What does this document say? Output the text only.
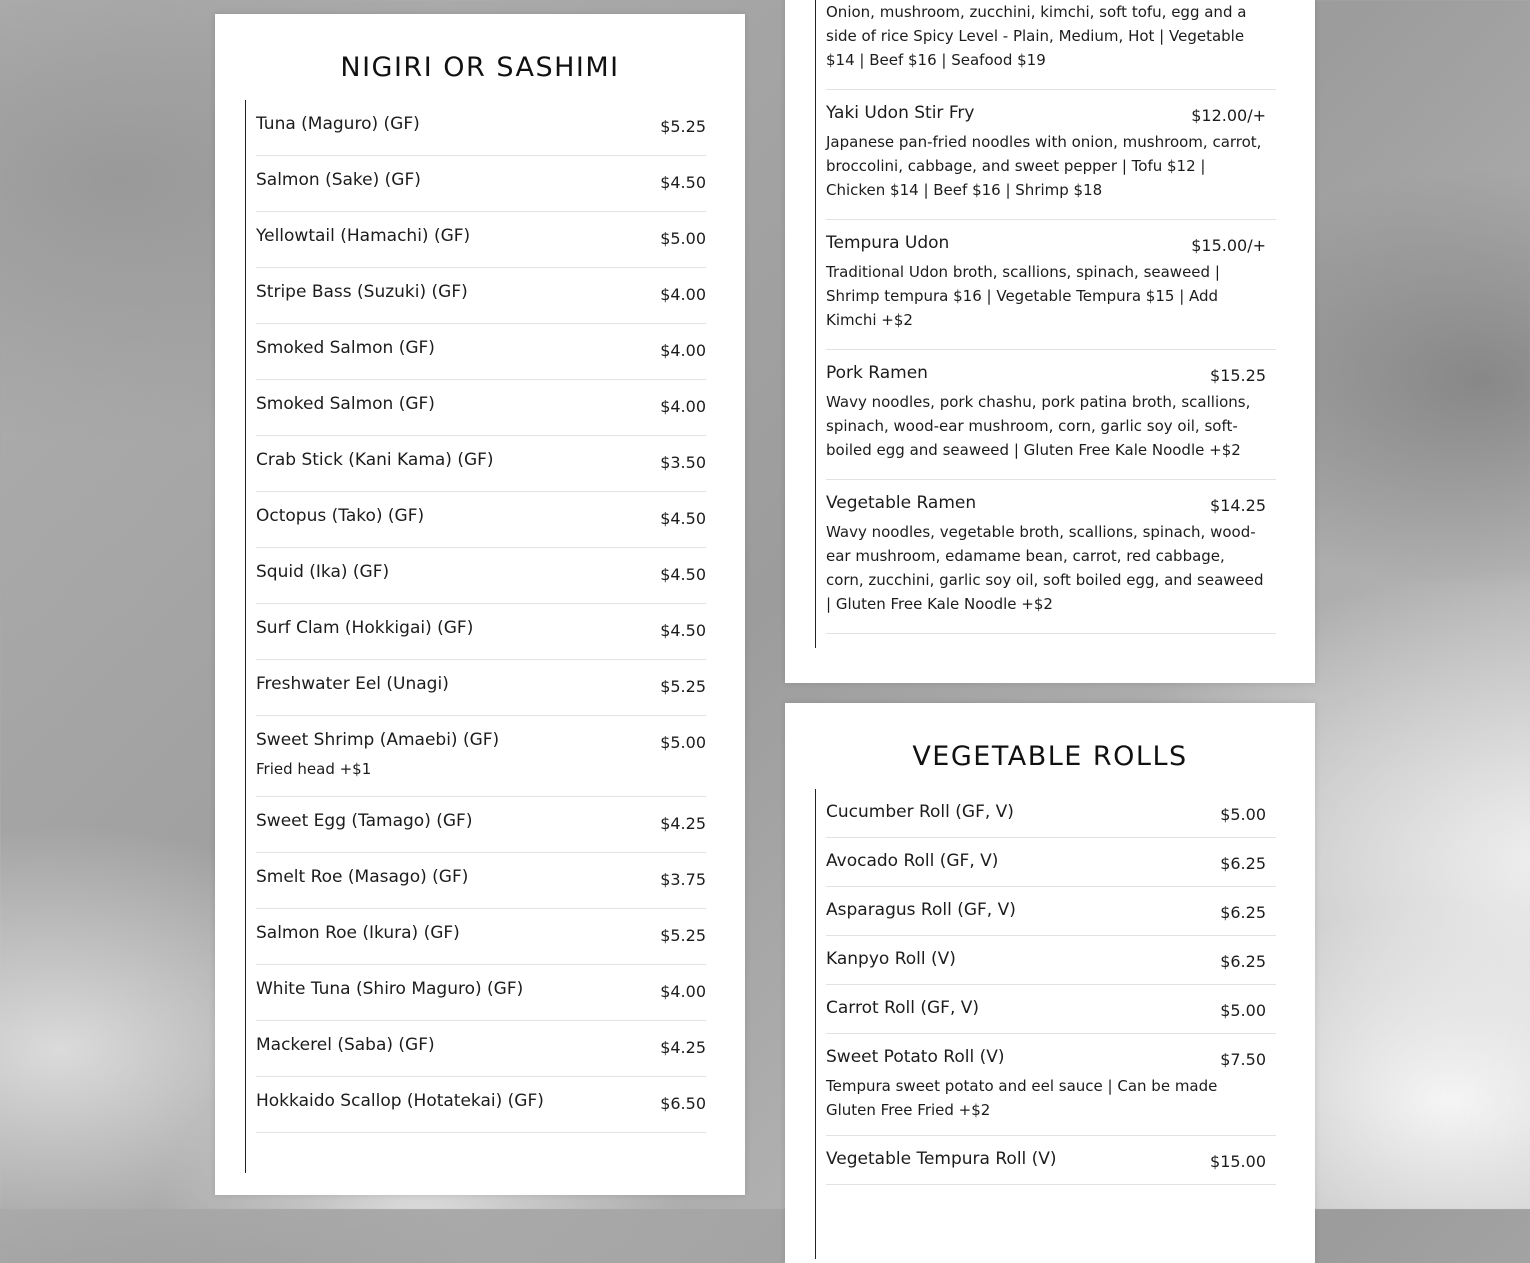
NIGIRI OR SASHIMI
Tuna (Maguro) (GF)	$5.25
Salmon (Sake) (GF)	$4.50
Yellowtail (Hamachi) (GF)	$5.00
Stripe Bass (Suzuki) (GF)	$4.00
Smoked Salmon (GF)	$4.00
Smoked Salmon (GF)	$4.00
Crab Stick (Kani Kama) (GF)	$3.50
Octopus (Tako) (GF)	$4.50
Squid (Ika) (GF)	$4.50
Surf Clam (Hokkigai) (GF)	$4.50
Freshwater Eel (Unagi)	$5.25
Sweet Shrimp (Amaebi) (GF)	$5.00
Fried head +$1
Sweet Egg (Tamago) (GF)	$4.25
Smelt Roe (Masago) (GF)	$3.75
Salmon Roe (Ikura) (GF)	$5.25
White Tuna (Shiro Maguro) (GF)	$4.00
Mackerel (Saba) (GF)	$4.25
Hokkaido Scallop (Hotatekai) (GF)	$6.50
Onion, mushroom, zucchini, kimchi, soft tofu, egg and a side of rice Spicy Level - Plain, Medium, Hot | Vegetable $14 | Beef $16 | Seafood $19
Yaki Udon Stir Fry	$12.00/+
Japanese pan-fried noodles with onion, mushroom, carrot, broccolini, cabbage, and sweet pepper | Tofu $12 | Chicken $14 | Beef $16 | Shrimp $18
Tempura Udon	$15.00/+
Traditional Udon broth, scallions, spinach, seaweed | Shrimp tempura $16 | Vegetable Tempura $15 | Add Kimchi +$2
Pork Ramen	$15.25
Wavy noodles, pork chashu, pork patina broth, scallions, spinach, wood-ear mushroom, corn, garlic soy oil, soft-boiled egg and seaweed | Gluten Free Kale Noodle +$2
Vegetable Ramen	$14.25
Wavy noodles, vegetable broth, scallions, spinach, wood-ear mushroom, edamame bean, carrot, red cabbage, corn, zucchini, garlic soy oil, soft boiled egg, and seaweed | Gluten Free Kale Noodle +$2
VEGETABLE ROLLS
Cucumber Roll (GF, V)	$5.00
Avocado Roll (GF, V)	$6.25
Asparagus Roll (GF, V)	$6.25
Kanpyo Roll (V)	$6.25
Carrot Roll (GF, V)	$5.00
Sweet Potato Roll (V)	$7.50
Tempura sweet potato and eel sauce | Can be made Gluten Free Fried +$2
Vegetable Tempura Roll (V)	$15.00
